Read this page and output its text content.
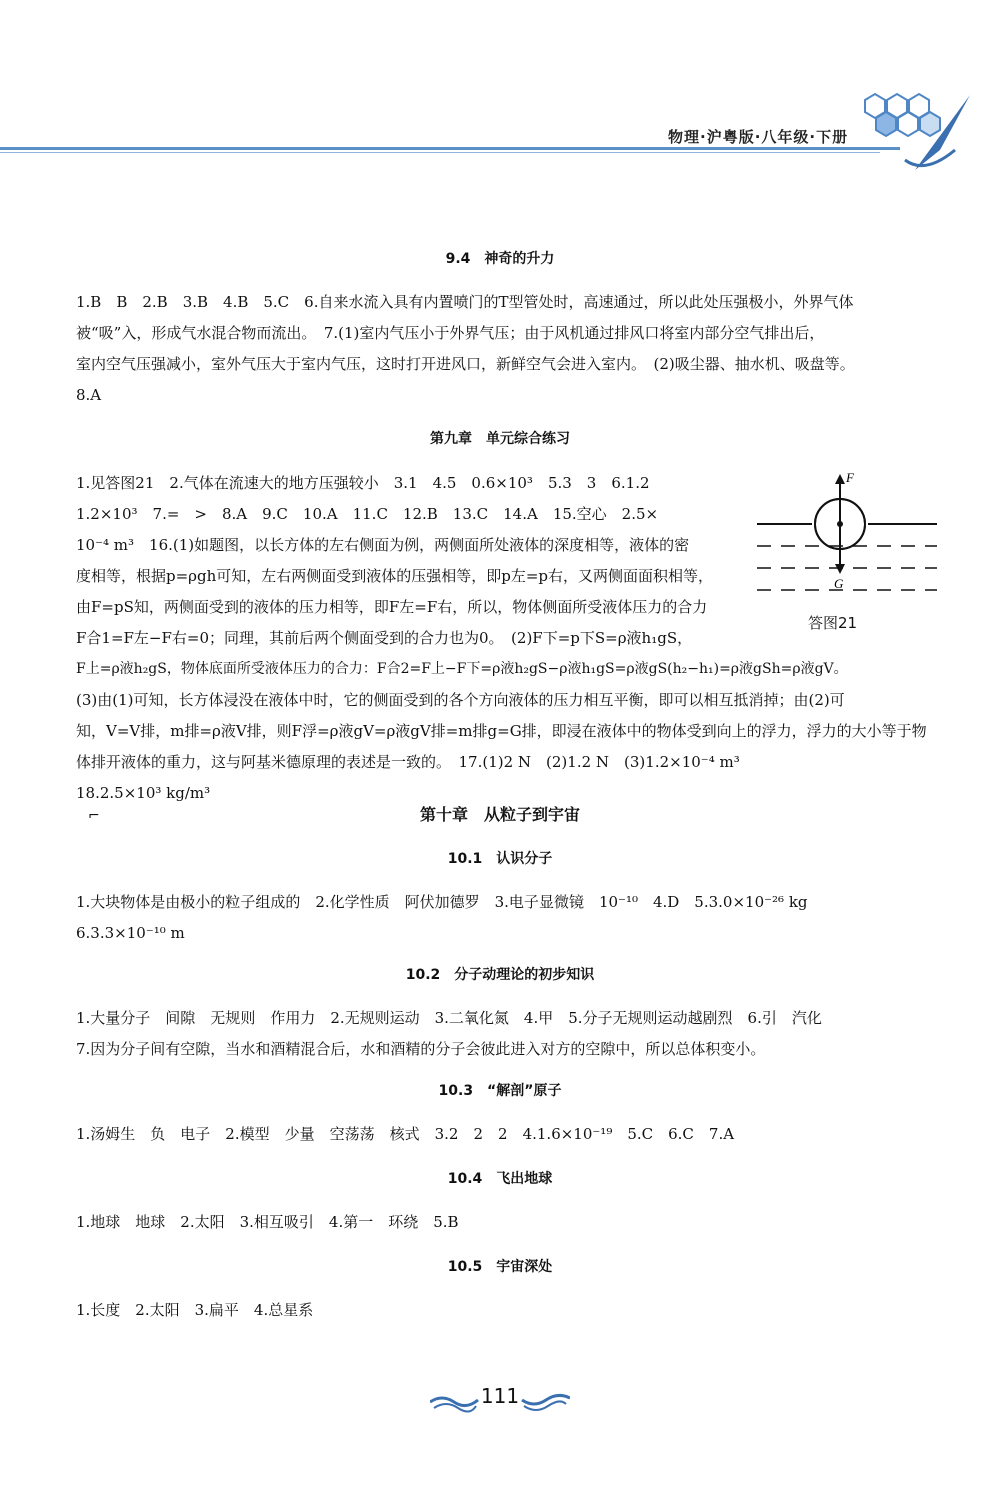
物理·沪粤版·八年级·下册
9.4　神奇的升力
1.B　B　2.B　3.B　4.B　5.C　6.自来水流入具有内置喷门的T型管处时，高速通过，所以此处压强极小，外界气体
被“吸”入，形成气水混合物而流出。　7.(1)室内气压小于外界气压；由于风机通过排风口将室内部分空气排出后，
室内空气压强减小，室外气压大于室内气压，这时打开进风口，新鲜空气会进入室内。　(2)吸尘器、抽水机、吸盘等。
8.A
第九章　单元综合练习
1.见答图21　2.气体在流速大的地方压强较小　3.1　4.5　0.6×10³　5.3　3　6.1.2
1.2×10³　7.=　>　8.A　9.C　10.A　11.C　12.B　13.C　14.A　15.空心　2.5×
10⁻⁴ m³　16.(1)如题图，以长方体的左右侧面为例，两侧面所处液体的深度相等，液体的密
度相等，根据p=ρgh可知，左右两侧面受到液体的压强相等，即p左=p右，又两侧面面积相等，
由F=pS知，两侧面受到的液体的压力相等，即F左=F右，所以，物体侧面所受液体压力的合力
F合1=F左−F右=0；同理，其前后两个侧面受到的合力也为0。　(2)F下=p下S=ρ液h₁gS，
F上=ρ液h₂gS，物体底面所受液体压力的合力：F合2=F上−F下=ρ液h₂gS−ρ液h₁gS=ρ液gS(h₂−h₁)=ρ液gSh=ρ液gV。
(3)由(1)可知，长方体浸没在液体中时，它的侧面受到的各个方向液体的压力相互平衡，即可以相互抵消掉；由(2)可
知，V=V排，m排=ρ液V排，则F浮=ρ液gV=ρ液gV排=m排g=G排，即浸在液体中的物体受到向上的浮力，浮力的大小等于物
体排开液体的重力，这与阿基米德原理的表述是一致的。　17.(1)2 N　(2)1.2 N　(3)1.2×10⁻⁴ m³
18.2.5×10³ kg/m³
F
G
答图21
⌐	第十章　从粒子到宇宙
10.1　认识分子
1.大块物体是由极小的粒子组成的　2.化学性质　阿伏加德罗　3.电子显微镜　10⁻¹⁰　4.D　5.3.0×10⁻²⁶ kg
6.3.3×10⁻¹⁰ m
10.2　分子动理论的初步知识
1.大量分子　间隙　无规则　作用力　2.无规则运动　3.二氧化氮　4.甲　5.分子无规则运动越剧烈　6.引　汽化
7.因为分子间有空隙，当水和酒精混合后，水和酒精的分子会彼此进入对方的空隙中，所以总体积变小。
10.3　“解剖”原子
1.汤姆生　负　电子　2.模型　少量　空荡荡　核式　3.2　2　2　4.1.6×10⁻¹⁹　5.C　6.C　7.A
10.4　飞出地球
1.地球　地球　2.太阳　3.相互吸引　4.第一　环绕　5.B
10.5　宇宙深处
1.长度　2.太阳　3.扁平　4.总星系
111
